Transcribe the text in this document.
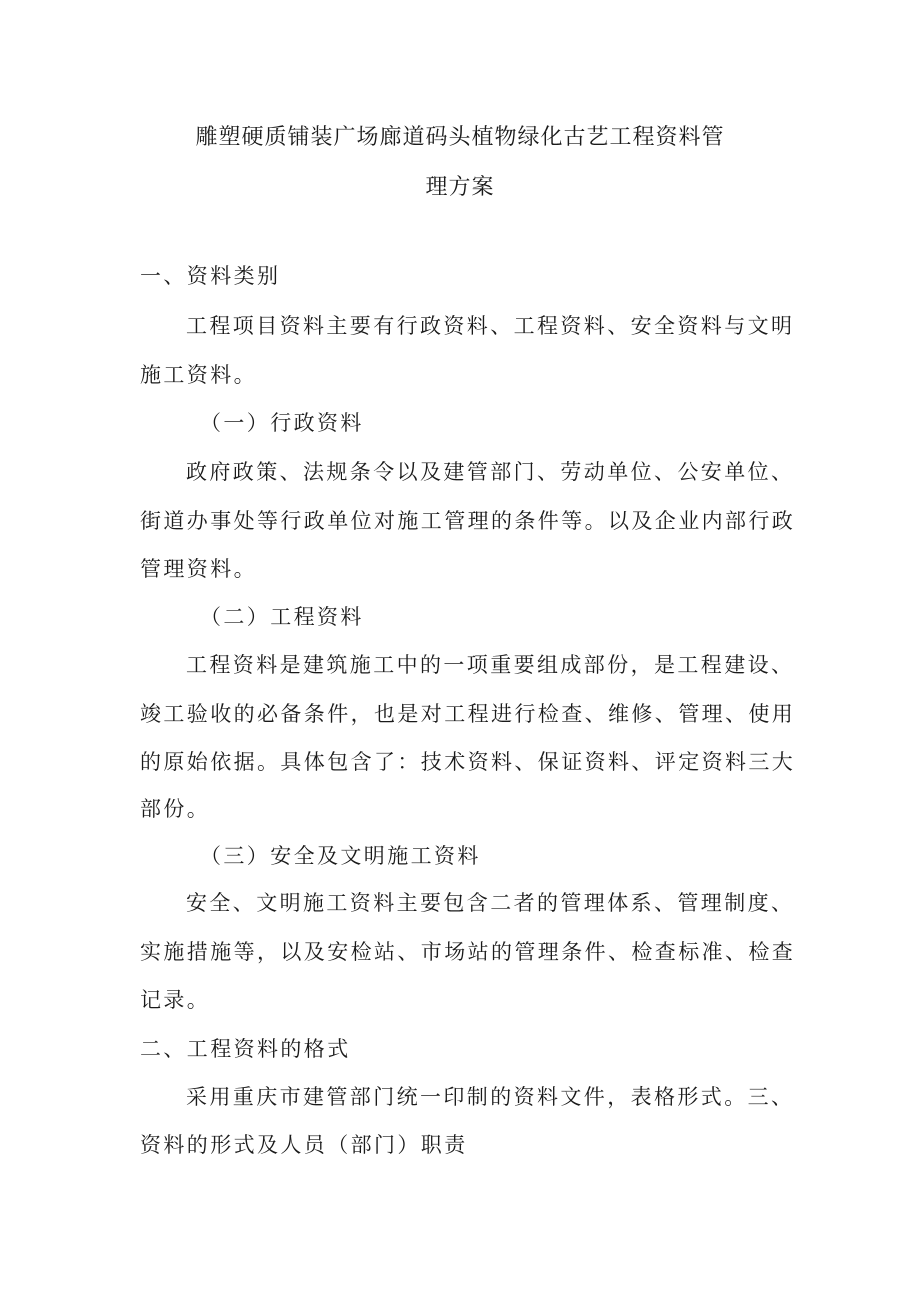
雕塑硬质铺装广场廊道码头植物绿化古艺工程资料管
理方案
一、资料类别
工程项目资料主要有行政资料、工程资料、安全资料与文明
施工资料。
（一）行政资料
政府政策、法规条令以及建管部门、劳动单位、公安单位、
街道办事处等行政单位对施工管理的条件等。以及企业内部行政
管理资料。
（二）工程资料
工程资料是建筑施工中的一项重要组成部份，是工程建设、
竣工验收的必备条件，也是对工程进行检查、维修、管理、使用
的原始依据。具体包含了：技术资料、保证资料、评定资料三大
部份。
（三）安全及文明施工资料
安全、文明施工资料主要包含二者的管理体系、管理制度、
实施措施等，以及安检站、市场站的管理条件、检查标准、检查
记录。
二、工程资料的格式
采用重庆市建管部门统一印制的资料文件，表格形式。三、
资料的形式及人员（部门）职责
